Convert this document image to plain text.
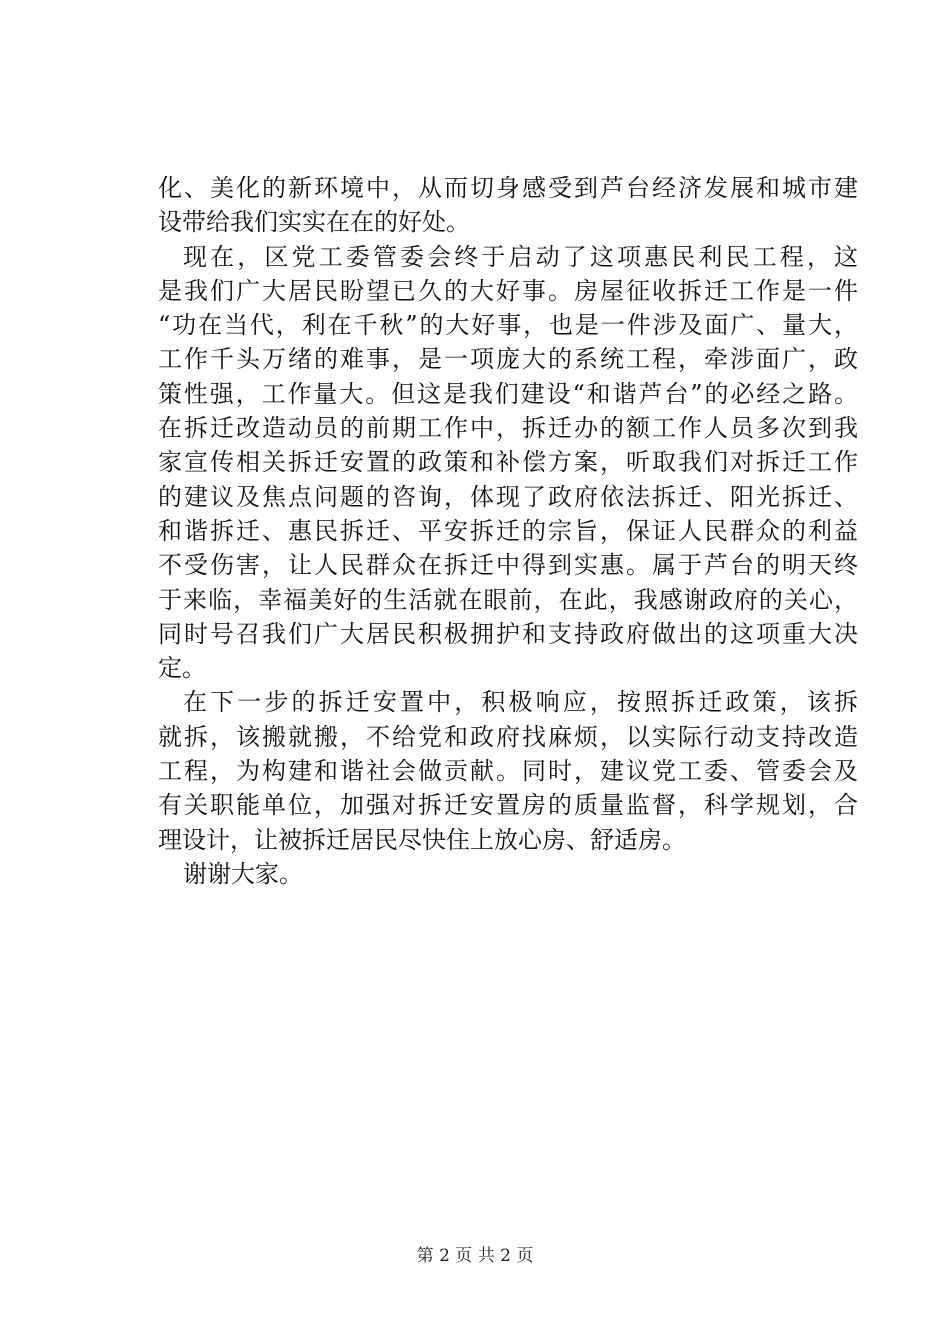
化、美化的新环境中，从而切身感受到芦台经济发展和城市建
设带给我们实实在在的好处。
现在，区党工委管委会终于启动了这项惠民利民工程，这
是我们广大居民盼望已久的大好事。房屋征收拆迁工作是一件
“功在当代，利在千秋”的大好事，也是一件涉及面广、量大，
工作千头万绪的难事，是一项庞大的系统工程，牵涉面广，政
策性强，工作量大。但这是我们建设“和谐芦台”的必经之路。
在拆迁改造动员的前期工作中，拆迁办的额工作人员多次到我
家宣传相关拆迁安置的政策和补偿方案，听取我们对拆迁工作
的建议及焦点问题的咨询，体现了政府依法拆迁、阳光拆迁、
和谐拆迁、惠民拆迁、平安拆迁的宗旨，保证人民群众的利益
不受伤害，让人民群众在拆迁中得到实惠。属于芦台的明天终
于来临，幸福美好的生活就在眼前，在此，我感谢政府的关心，
同时号召我们广大居民积极拥护和支持政府做出的这项重大决
定。
在下一步的拆迁安置中，积极响应，按照拆迁政策，该拆
就拆，该搬就搬，不给党和政府找麻烦，以实际行动支持改造
工程，为构建和谐社会做贡献。同时，建议党工委、管委会及
有关职能单位，加强对拆迁安置房的质量监督，科学规划，合
理设计，让被拆迁居民尽快住上放心房、舒适房。
谢谢大家。
第 2 页 共 2 页
